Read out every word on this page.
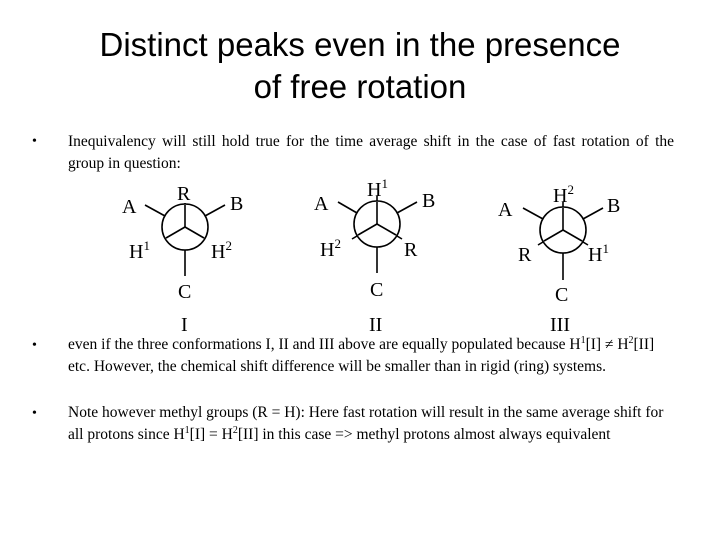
Distinct peaks even in the presence
of free rotation
• Inequivalency will still hold true for the time average shift in the case of fast rotation of the group in question:
R
A	B
$H^1$	$H^2$
C
I
$H^1$
A	B
$H^2$	R
C
II
$H^2$
A	B
R	$H^1$
C
III
• even if the three conformations I, II and III above are equally populated because $H^1[I] \ne H^2[II]$ etc. However, the chemical shift difference will be smaller than in rigid (ring) systems.
• Note however methyl groups (R = H): Here fast rotation will result in the same average shift for all protons since $H^1[I] = H^2[II]$ in this case => methyl protons almost always equivalent
